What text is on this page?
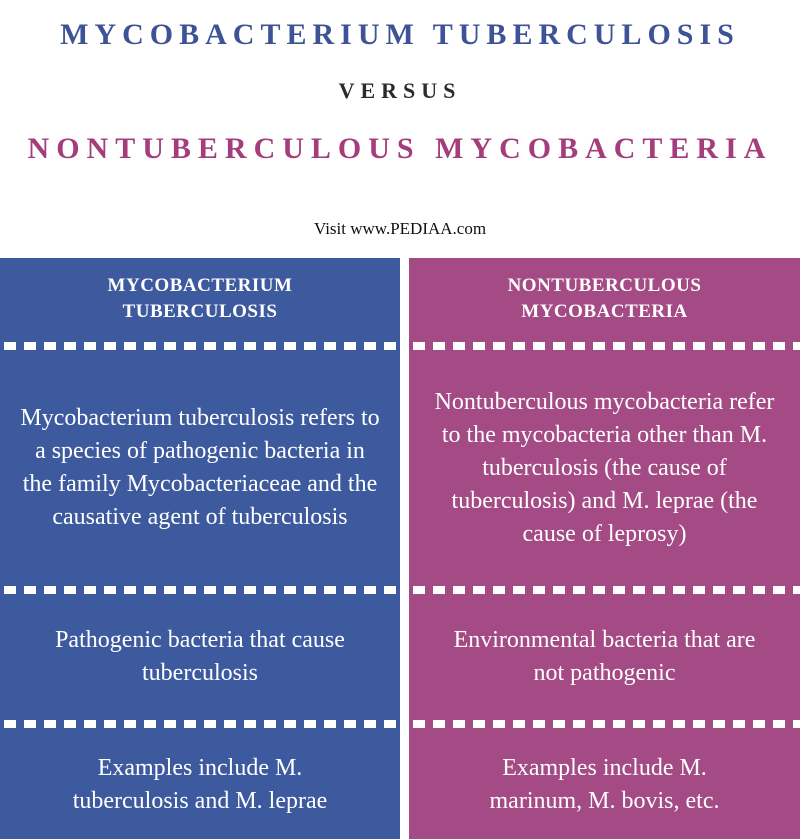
MYCOBACTERIUM TUBERCULOSIS
VERSUS
NONTUBERCULOUS MYCOBACTERIA
Visit www.PEDIAA.com
MYCOBACTERIUM TUBERCULOSIS
Mycobacterium tuberculosis refers to a species of pathogenic bacteria in the family Mycobacteriaceae and the causative agent of tuberculosis
Pathogenic bacteria that cause tuberculosis
Examples include M. tuberculosis and M. leprae
NONTUBERCULOUS MYCOBACTERIA
Nontuberculous mycobacteria refer to the mycobacteria other than M. tuberculosis (the cause of tuberculosis) and M. leprae (the cause of leprosy)
Environmental bacteria that are not pathogenic
Examples include M. marinum, M. bovis, etc.
